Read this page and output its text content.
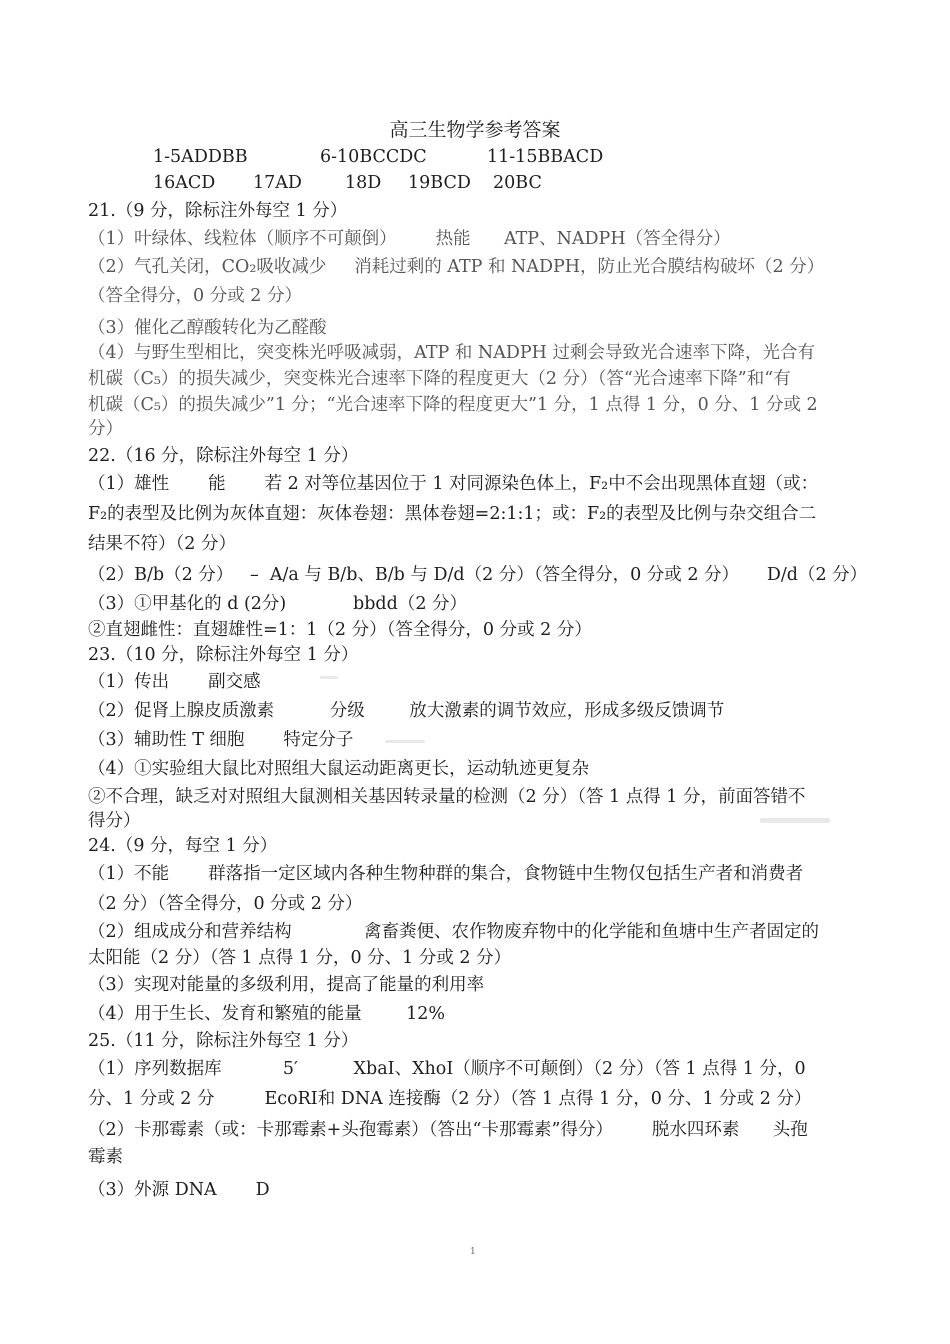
高三生物学参考答案
1-5ADDBB	6-10BCCDC	11-15BBACD
16ACD 17AD 18D 19BCD 20BC
21.（9 分，除标注外每空 1 分）
（1）叶绿体、线粒体（顺序不可颠倒）       热能      ATP、NADPH（答全得分）
（2）气孔关闭，CO₂吸收减少     消耗过剩的 ATP 和 NADPH，防止光合膜结构破坏（2 分）
（答全得分，0 分或 2 分）
（3）催化乙醇酸转化为乙醛酸
（4）与野生型相比，突变株光呼吸减弱，ATP 和 NADPH 过剩会导致光合速率下降，光合有
机碳（C₅）的损失减少，突变株光合速率下降的程度更大（2 分）（答“光合速率下降”和“有
机碳（C₅）的损失减少”1 分；“光合速率下降的程度更大”1 分，1 点得 1 分，0 分、1 分或 2
分）
22.（16 分，除标注外每空 1 分）
（1）雄性       能       若 2 对等位基因位于 1 对同源染色体上，F₂中不会出现黑体直翅（或：
F₂的表型及比例为灰体直翅：灰体卷翅：黑体卷翅=2:1:1；或：F₂的表型及比例与杂交组合二
结果不符）（2 分）
（2）B/b（2 分）   –  A/a 与 B/b、B/b 与 D/d（2 分）（答全得分，0 分或 2 分）     D/d（2 分）
（3）①甲基化的 d (2分)            bbdd（2 分）
②直翅雌性：直翅雄性=1：1（2 分）（答全得分，0 分或 2 分）
23.（10 分，除标注外每空 1 分）
（1）传出       副交感
（2）促肾上腺皮质激素          分级        放大激素的调节效应，形成多级反馈调节
（3）辅助性 T 细胞       特定分子
（4）①实验组大鼠比对照组大鼠运动距离更长，运动轨迹更复杂
②不合理，缺乏对对照组大鼠测相关基因转录量的检测（2 分）（答 1 点得 1 分，前面答错不
得分）
24.（9 分，每空 1 分）
（1）不能       群落指一定区域内各种生物种群的集合，食物链中生物仅包括生产者和消费者
（2 分）（答全得分，0 分或 2 分）
（2）组成成分和营养结构             禽畜粪便、农作物废弃物中的化学能和鱼塘中生产者固定的
太阳能（2 分）（答 1 点得 1 分，0 分、1 分或 2 分）
（3）实现对能量的多级利用，提高了能量的利用率
（4）用于生长、发育和繁殖的能量        12%
25.（11 分，除标注外每空 1 分）
（1）序列数据库           5′          XbaⅠ、XhoⅠ（顺序不可颠倒）（2 分）（答 1 点得 1 分，0
分、1 分或 2 分         EcoRⅠ和 DNA 连接酶（2 分）（答 1 点得 1 分，0 分、1 分或 2 分）
（2）卡那霉素（或：卡那霉素+头孢霉素）（答出“卡那霉素”得分）       脱水四环素      头孢
霉素
（3）外源 DNA       D
1
